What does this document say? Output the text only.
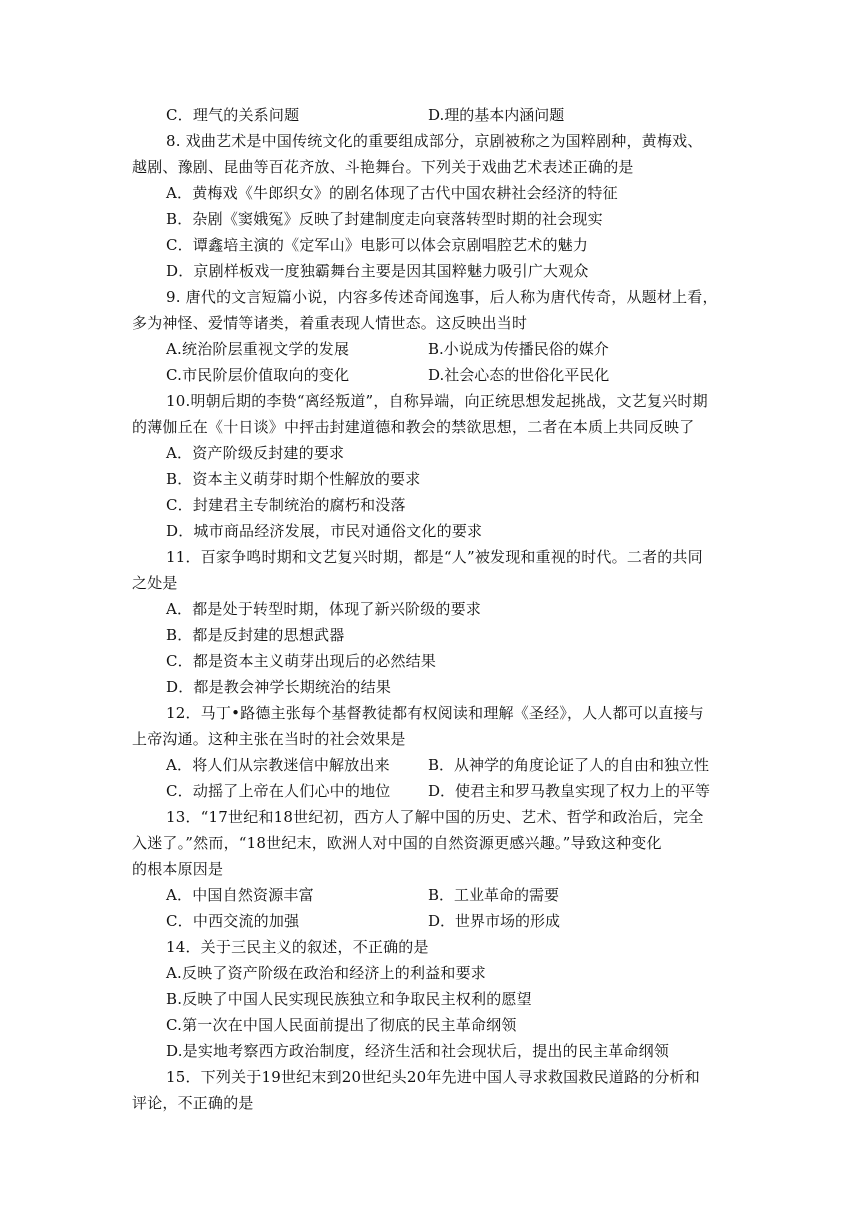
C．理气的关系问题	D.理的基本内涵问题
8. 戏曲艺术是中国传统文化的重要组成部分，京剧被称之为国粹剧种，黄梅戏、
越剧、豫剧、昆曲等百花齐放、斗艳舞台。下列关于戏曲艺术表述正确的是
A．黄梅戏《牛郎织女》的剧名体现了古代中国农耕社会经济的特征
B．杂剧《窦娥冤》反映了封建制度走向衰落转型时期的社会现实
C．谭鑫培主演的《定军山》电影可以体会京剧唱腔艺术的魅力
D．京剧样板戏一度独霸舞台主要是因其国粹魅力吸引广大观众
9. 唐代的文言短篇小说，内容多传述奇闻逸事，后人称为唐代传奇，从题材上看，
多为神怪、爱情等诸类，着重表现人情世态。这反映出当时
A.统治阶层重视文学的发展	B.小说成为传播民俗的媒介
C.市民阶层价值取向的变化	D.社会心态的世俗化平民化
10.明朝后期的李贽“离经叛道”，自称异端，向正统思想发起挑战，文艺复兴时期
的薄伽丘在《十日谈》中抨击封建道德和教会的禁欲思想，二者在本质上共同反映了
A．资产阶级反封建的要求
B．资本主义萌芽时期个性解放的要求
C．封建君主专制统治的腐朽和没落
D．城市商品经济发展，市民对通俗文化的要求
11．百家争鸣时期和文艺复兴时期，都是“人”被发现和重视的时代。二者的共同
之处是
A．都是处于转型时期，体现了新兴阶级的要求
B．都是反封建的思想武器
C．都是资本主义萌芽出现后的必然结果
D．都是教会神学长期统治的结果
12．马丁•路德主张每个基督教徒都有权阅读和理解《圣经》，人人都可以直接与
上帝沟通。这种主张在当时的社会效果是
A．将人们从宗教迷信中解放出来	B．从神学的角度论证了人的自由和独立性
C．动摇了上帝在人们心中的地位	D．使君主和罗马教皇实现了权力上的平等
13．“17世纪和18世纪初，西方人了解中国的历史、艺术、哲学和政治后，完全
入迷了。”然而，“18世纪末，欧洲人对中国的自然资源更感兴趣。”导致这种变化
的根本原因是
A．中国自然资源丰富	B．工业革命的需要
C．中西交流的加强	D．世界市场的形成
14．关于三民主义的叙述，不正确的是
A.反映了资产阶级在政治和经济上的利益和要求
B.反映了中国人民实现民族独立和争取民主权利的愿望
C.第一次在中国人民面前提出了彻底的民主革命纲领
D.是实地考察西方政治制度，经济生活和社会现状后，提出的民主革命纲领
15．下列关于19世纪末到20世纪头20年先进中国人寻求救国救民道路的分析和
评论，不正确的是
